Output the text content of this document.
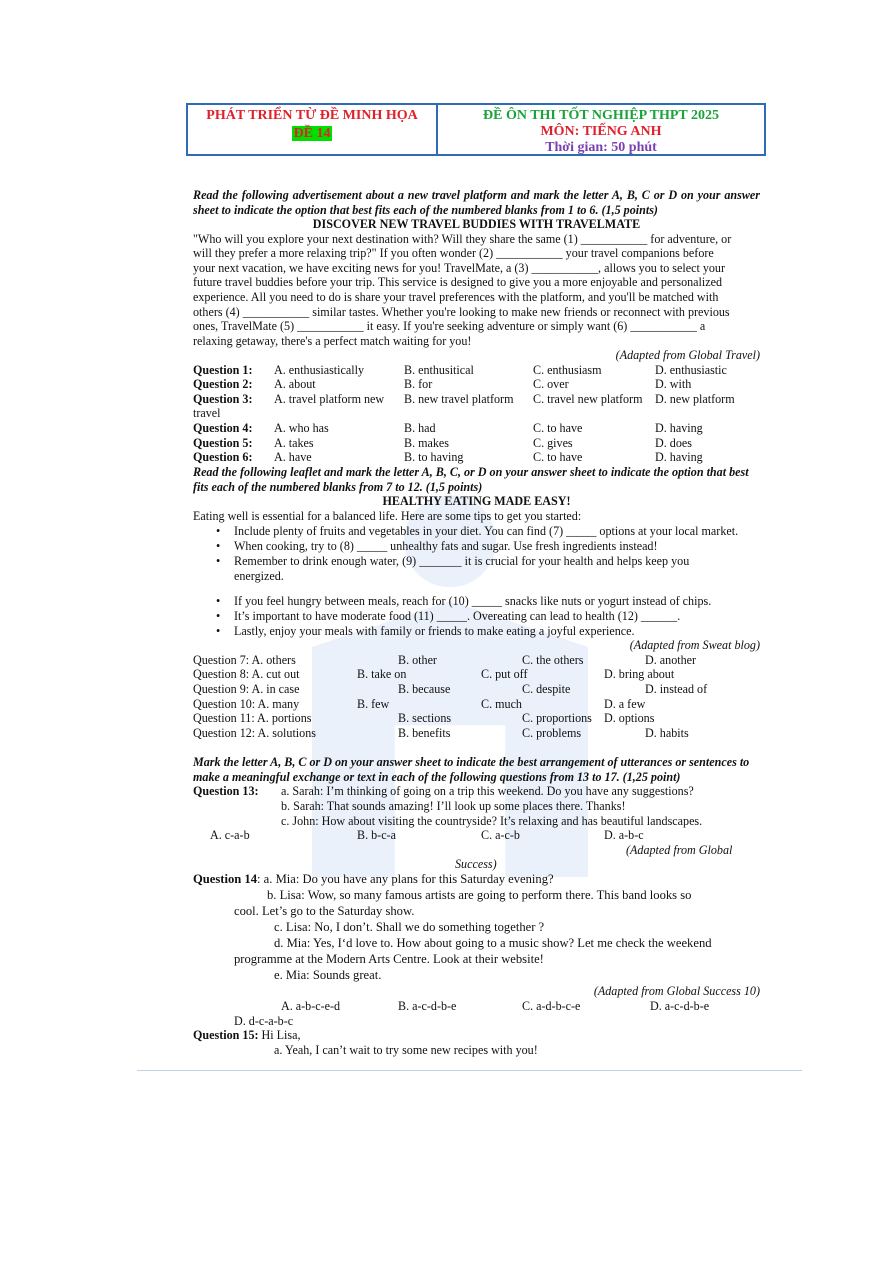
PHÁT TRIỂN TỪ ĐỀ MINH HỌA
ĐỀ 14
ĐỀ ÔN THI TỐT NGHIỆP THPT 2025
MÔN: TIẾNG ANH
Thời gian: 50 phút
Read the following advertisement about a new travel platform and mark the letter A, B, C or D on your answer sheet to indicate the option that best fits each of the numbered blanks from 1 to 6. (1,5 points)
DISCOVER NEW TRAVEL BUDDIES WITH TRAVELMATE
"Who will you explore your next destination with? Will they share the same (1) ___________ for adventure, or
will they prefer a more relaxing trip?" If you often wonder (2) ___________ your travel companions before
your next vacation, we have exciting news for you! TravelMate, a (3) ___________, allows you to select your
future travel buddies before your trip. This service is designed to give you a more enjoyable and personalized
experience. All you need to do is share your travel preferences with the platform, and you'll be matched with
others (4) ___________ similar tastes. Whether you're looking to make new friends or reconnect with previous
ones, TravelMate (5) ___________ it easy. If you're seeking adventure or simply want (6) ___________ a
relaxing getaway, there's a perfect match waiting for you!
(Adapted from Global Travel)
Question 1: A. enthusiastically	B. enthusitical	C. enthusiasm	D. enthusiastic
Question 2: A. about	B. for	C. over	D. with
Question 3: A. travel platform new B. new travel platform C. travel new platform D. new platform
travel
Question 4: A. who has	B. had	C. to have	D. having
Question 5: A. takes	B. makes	C. gives	D. does
Question 6: A. have	B. to having	C. to have	D. having
Read the following leaflet and mark the letter A, B, C, or D on your answer sheet to indicate the option that best fits each of the numbered blanks from 7 to 12. (1,5 points)
HEALTHY EATING MADE EASY!
Eating well is essential for a balanced life. Here are some tips to get you started:
• Include plenty of fruits and vegetables in your diet. You can find (7) _____ options at your local market.
• When cooking, try to (8) _____ unhealthy fats and sugar. Use fresh ingredients instead!
• Remember to drink enough water, (9) _______ it is crucial for your health and helps keep you
energized.
• If you feel hungry between meals, reach for (10) _____ snacks like nuts or yogurt instead of chips.
• It’s important to have moderate food (11) _____. Overeating can lead to health (12) ______.
• Lastly, enjoy your meals with family or friends to make eating a joyful experience.
(Adapted from Sweat blog)
Question 7: A. others	B. other	C. the others	D. another
Question 8: A. cut out	B. take on	C. put off	D. bring about
Question 9: A. in case	B. because	C. despite	D. instead of
Question 10: A. many	B. few	C. much	D. a few
Question 11: A. portions	B. sections	C. proportions D. options
Question 12: A. solutions	B. benefits	C. problems	D. habits
Mark the letter A, B, C or D on your answer sheet to indicate the best arrangement of utterances or sentences to make a meaningful exchange or text in each of the following questions from 13 to 17. (1,25 point)
Question 13: a. Sarah: I’m thinking of going on a trip this weekend. Do you have any suggestions?
b. Sarah: That sounds amazing! I’ll look up some places there. Thanks!
c. John: How about visiting the countryside? It’s relaxing and has beautiful landscapes.
A. c-a-b	B. b-c-a	C. a-c-b	D. a-b-c
(Adapted from Global
Success)
Question 14: a. Mia: Do you have any plans for this Saturday evening?
b. Lisa: Wow, so many famous artists are going to perform there. This band looks so
cool. Let’s go to the Saturday show.
c. Lisa: No, I don’t. Shall we do something together ?
d. Mia: Yes, I‘d love to. How about going to a music show? Let me check the weekend
programme at the Modern Arts Centre. Look at their website!
e. Mia: Sounds great.
(Adapted from Global Success 10)
A. a-b-c-e-d	B. a-c-d-b-e	C. a-d-b-c-e	D. a-c-d-b-e
D. d-c-a-b-c
Question 15: Hi Lisa,
a. Yeah, I can’t wait to try some new recipes with you!
